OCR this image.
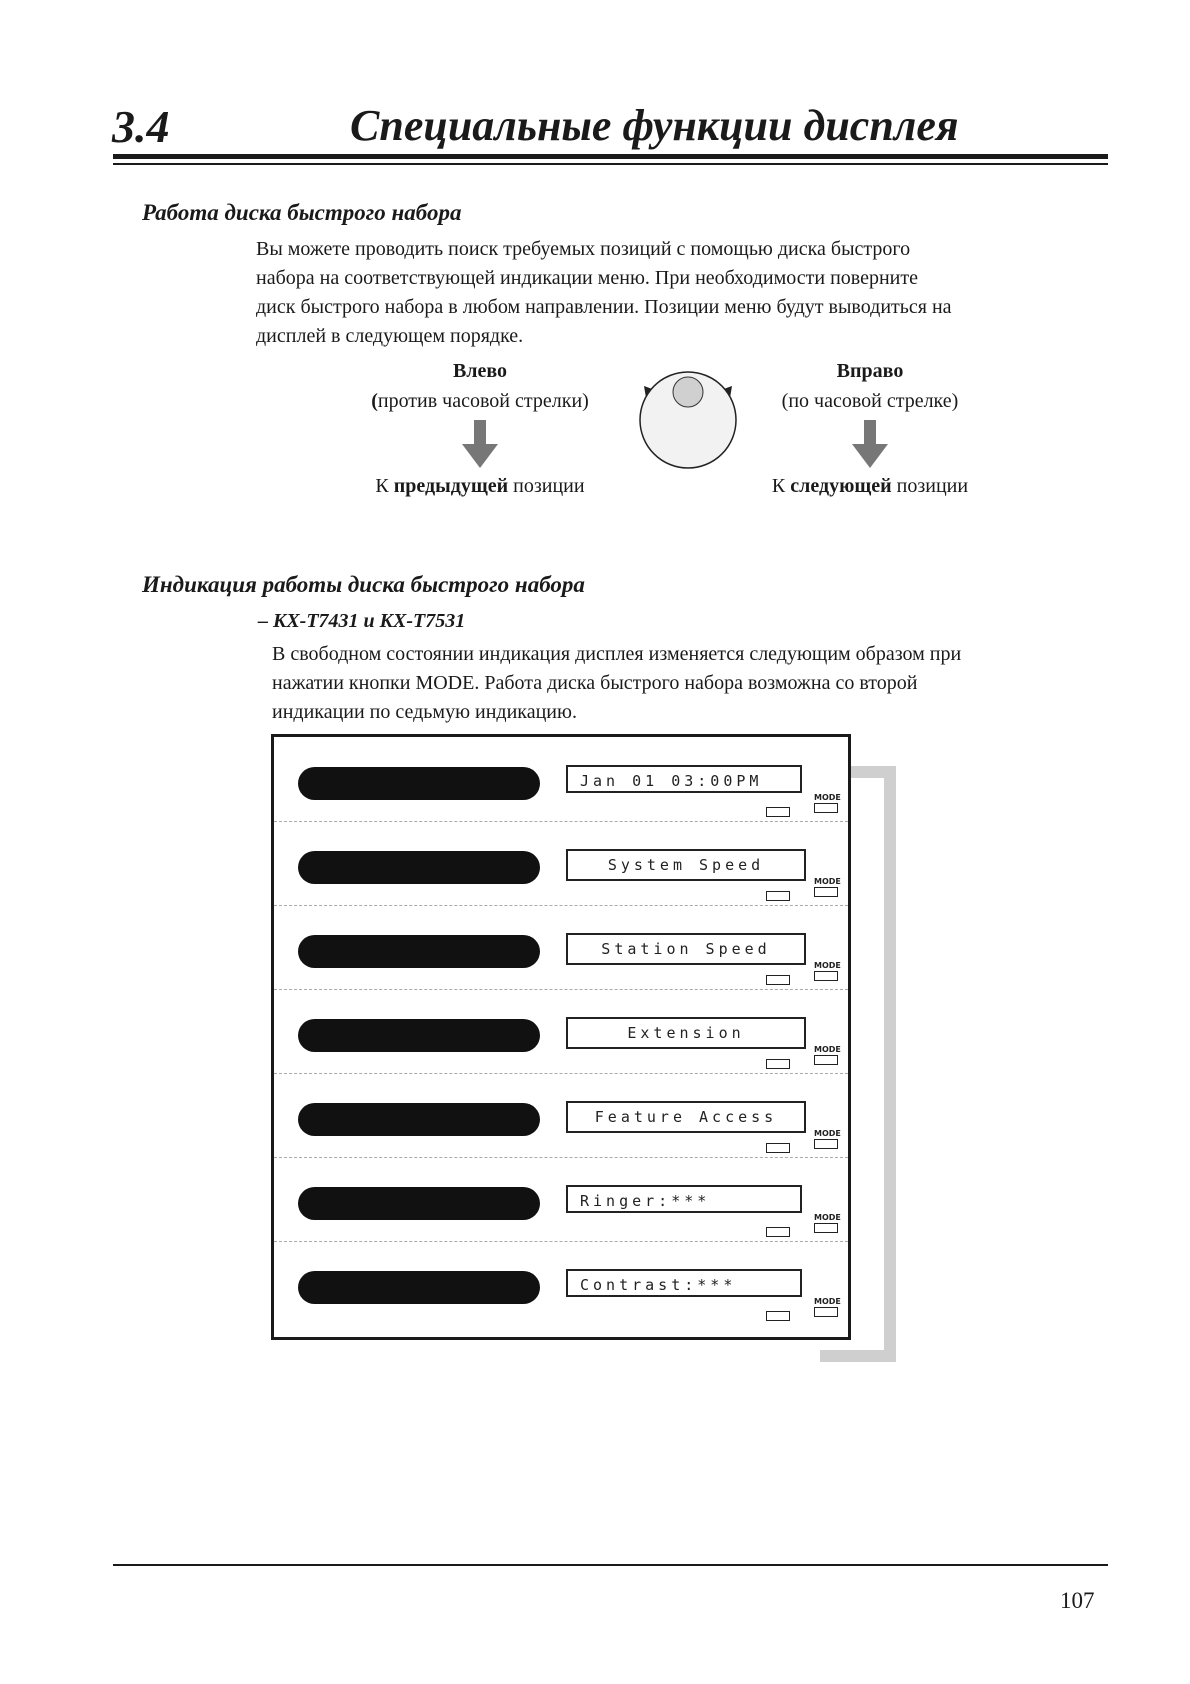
3.4	Специальные функции дисплея
Работа диска быстрого набора
Вы можете проводить поиск требуемых позиций с помощью диска быстрого
набора на соответствующей индикации меню. При необходимости поверните
диск быстрого набора в любом направлении. Позиции меню будут выводиться на
дисплей в следующем порядке.
Влево
(против часовой стрелки)
К предыдущей позиции
Вправо
(по часовой стрелке)
К следующей позиции
Индикация работы диска быстрого набора
– KX-T7431 и KX-T7531
В свободном состоянии индикация дисплея изменяется следующим образом при
нажатии кнопки MODE. Работа диска быстрого набора возможна со второй
индикации по седьмую индикацию.
Jan 01 03:00PM
MODE
System Speed
MODE
Station Speed
MODE
Extension
MODE
Feature Access
MODE
Ringer:***
MODE
Contrast:***
MODE
107
